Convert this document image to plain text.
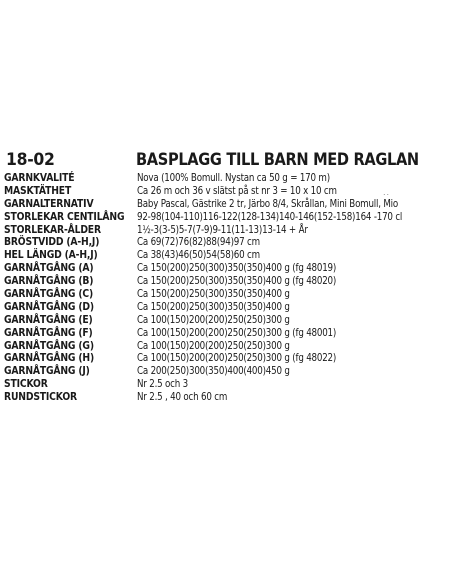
18-02	BASPLAGG TILL BARN MED RAGLAN
GARNKVALITÉ	Nova (100% Bomull. Nystan ca 50 g = 170 m)
MASKTÄTHET	Ca 26 m och 36 v slätst på st nr 3 = 10 x 10 cm
GARNALTERNATIV	Baby Pascal, Gästrike 2 tr, Järbo 8/4, Skrållan, Mini Bomull, Mio
STORLEKAR CENTILÅNG 92-98(104-110)116-122(128-134)140-146(152-158)164 -170 cl
STORLEKAR-ÅLDER	1½-3(3-5)5-7(7-9)9-11(11-13)13-14 + År
BRÖSTVIDD (A-H,J)	Ca 69(72)76(82)88(94)97 cm
HEL LÄNGD (A-H,J)	Ca 38(43)46(50)54(58)60 cm
GARNÅTGÅNG (A)	Ca 150(200)250(300)350(350)400 g (fg 48019)
GARNÅTGÅNG (B)	Ca 150(200)250(300)350(350)400 g (fg 48020)
GARNÅTGÅNG (C)	Ca 150(200)250(300)350(350)400 g
GARNÅTGÅNG (D)	Ca 150(200)250(300)350(350)400 g
GARNÅTGÅNG (E)	Ca 100(150)200(200)250(250)300 g
GARNÅTGÅNG (F)	Ca 100(150)200(200)250(250)300 g (fg 48001)
GARNÅTGÅNG (G)	Ca 100(150)200(200)250(250)300 g
GARNÅTGÅNG (H)	Ca 100(150)200(200)250(250)300 g (fg 48022)
GARNÅTGÅNG (J)	Ca 200(250)300(350)400(400)450 g
STICKOR	Nr 2.5 och 3
RUNDSTICKOR	Nr 2.5 , 40 och 60 cm
..
